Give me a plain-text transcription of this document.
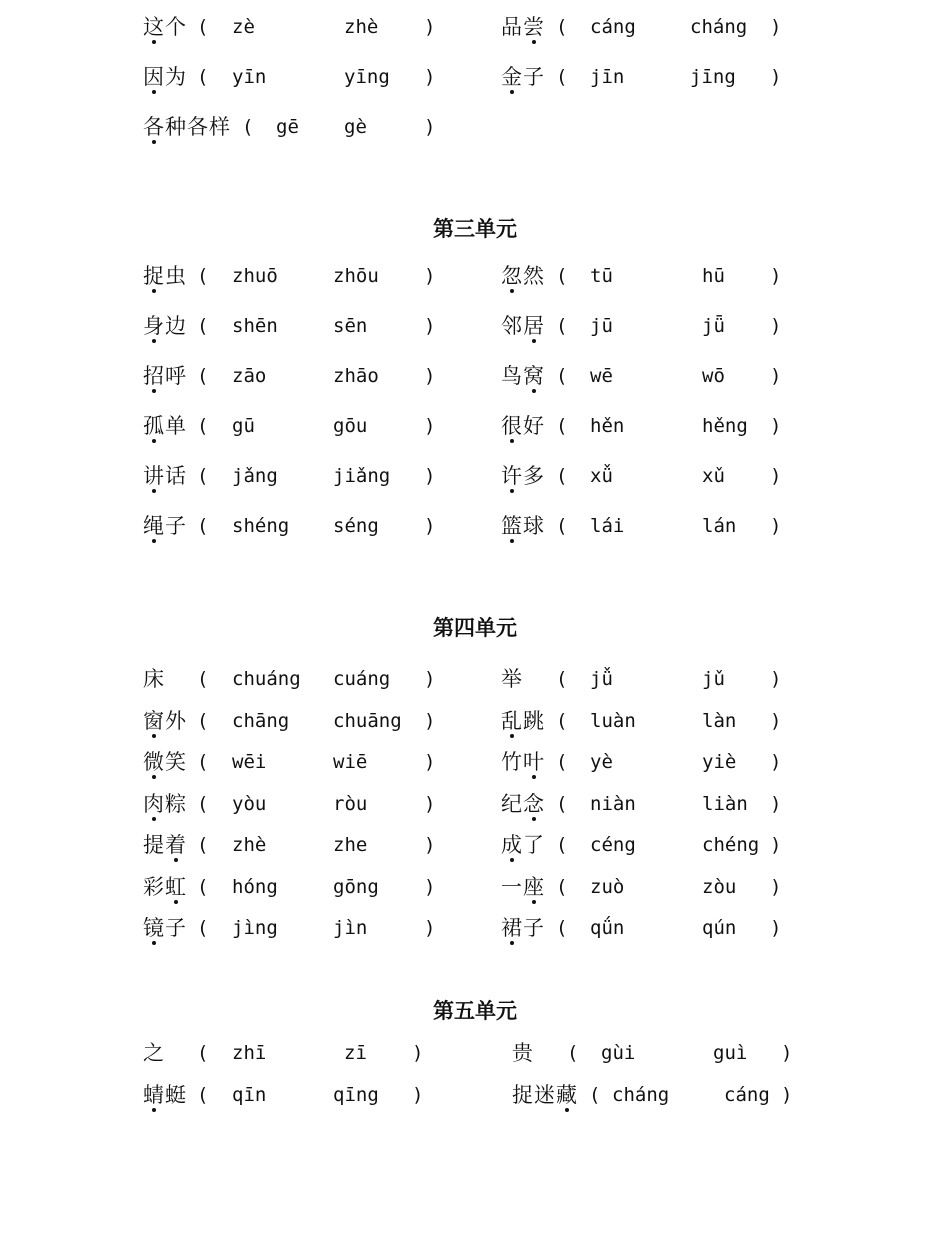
这个 ( zè	zhè )	品尝 ( cáng	cháng )
因为 ( yīn	yīng )	金子 ( jīn	jīng )
各种各样 ( gē gè	)
第三单元
捉虫 ( zhuō	zhōu )	忽然 ( tū	hū )
身边 ( shēn	sēn	)	邻居 ( jū	jǖ )
招呼 ( zāo	zhāo )	鸟窝 ( wē	wō )
孤单 ( gū	gōu	)	很好 ( hěn	hěng )
讲话 ( jǎng	jiǎng )	许多 ( xǚ	xǔ )
绳子 ( shéng séng )	篮球 ( lái	lán )
第四单元
床 ( chuáng cuáng )	举 ( jǚ	jǔ )
窗外 ( chāng chuāng )	乱跳 ( luàn	làn )
微笑 ( wēi	wiē	)	竹叶 ( yè	yiè )
肉粽 ( yòu	ròu	)	纪念 ( niàn	liàn )
提着 ( zhè	zhe	)	成了 ( céng	chéng )
彩虹 ( hóng	gōng )	一座 ( zuò	zòu )
镜子 ( jìng	jìn	)	裙子 ( qǘn	qún )
第五单元
之 ( zhī	zī )	贵 ( gùi	guì )
蜻蜓 ( qīn	qīng )	捉迷藏 ( cháng	cáng )
